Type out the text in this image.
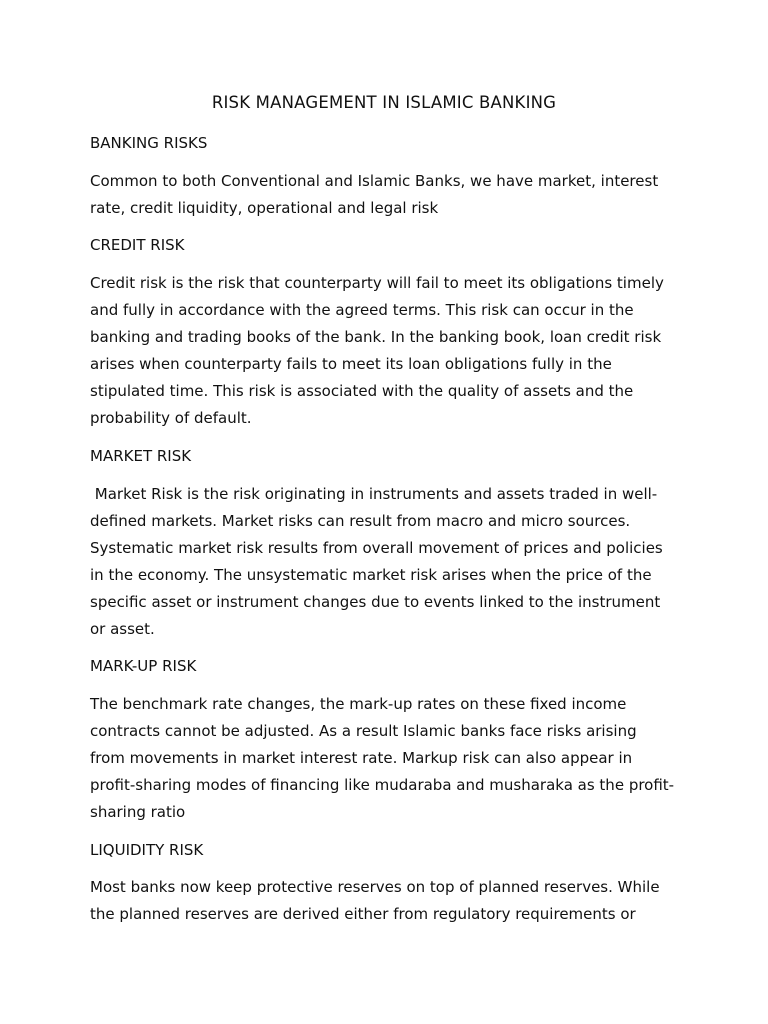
RISK MANAGEMENT IN ISLAMIC BANKING
BANKING RISKS
Common to both Conventional and Islamic Banks, we have market, interest
rate, credit liquidity, operational and legal risk
CREDIT RISK
Credit risk is the risk that counterparty will fail to meet its obligations timely
and fully in accordance with the agreed terms. This risk can occur in the
banking and trading books of the bank. In the banking book, loan credit risk
arises when counterparty fails to meet its loan obligations fully in the
stipulated time. This risk is associated with the quality of assets and the
probability of default.
MARKET RISK
Market Risk is the risk originating in instruments and assets traded in well-
defined markets. Market risks can result from macro and micro sources.
Systematic market risk results from overall movement of prices and policies
in the economy. The unsystematic market risk arises when the price of the
specific asset or instrument changes due to events linked to the instrument
or asset.
MARK-UP RISK
The benchmark rate changes, the mark-up rates on these fixed income
contracts cannot be adjusted. As a result Islamic banks face risks arising
from movements in market interest rate. Markup risk can also appear in
profit-sharing modes of financing like mudaraba and musharaka as the profit-
sharing ratio
LIQUIDITY RISK
Most banks now keep protective reserves on top of planned reserves. While
the planned reserves are derived either from regulatory requirements or
